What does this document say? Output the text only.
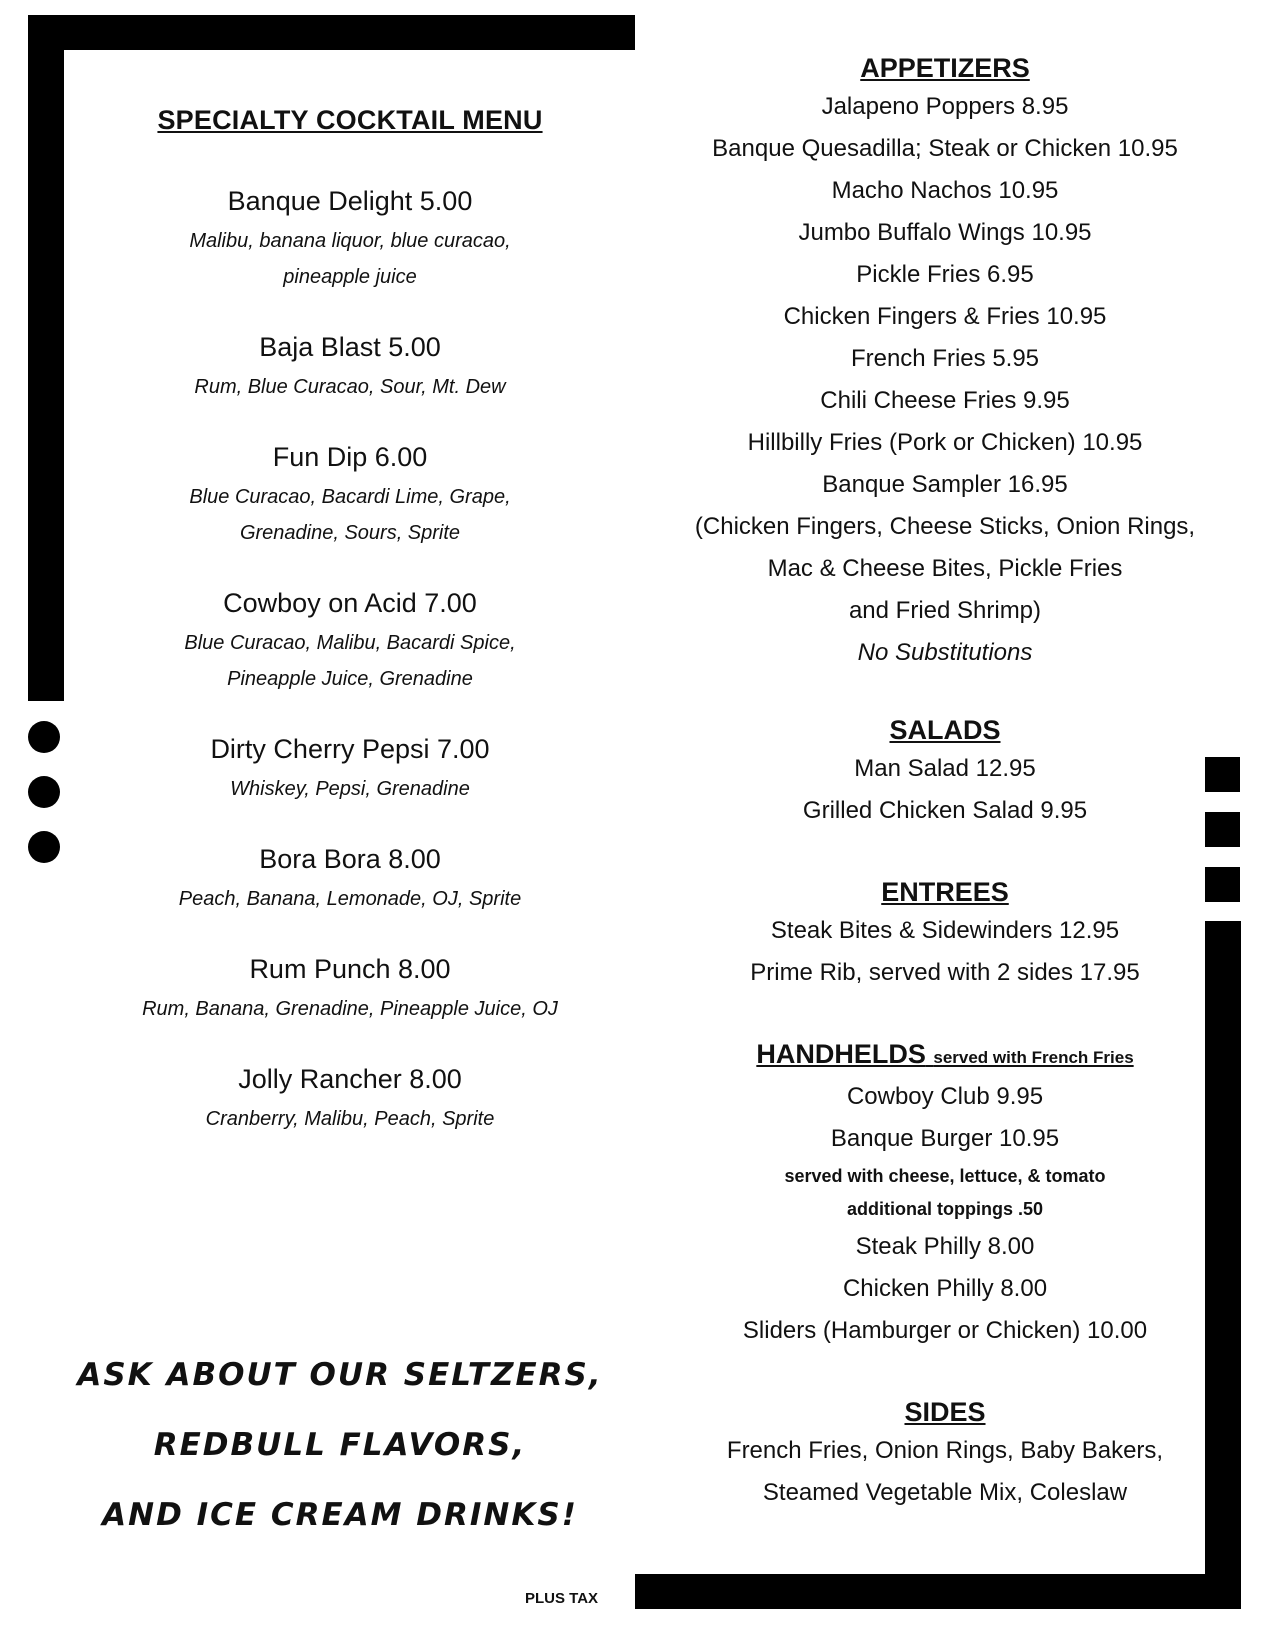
SPECIALTY COCKTAIL MENU
Banque Delight 5.00
Malibu, banana liquor, blue curacao,
pineapple juice
Baja Blast 5.00
Rum, Blue Curacao, Sour, Mt. Dew
Fun Dip 6.00
Blue Curacao, Bacardi Lime, Grape,
Grenadine, Sours, Sprite
Cowboy on Acid 7.00
Blue Curacao, Malibu, Bacardi Spice,
Pineapple Juice, Grenadine
Dirty Cherry Pepsi 7.00
Whiskey, Pepsi, Grenadine
Bora Bora 8.00
Peach, Banana, Lemonade, OJ, Sprite
Rum Punch 8.00
Rum, Banana, Grenadine, Pineapple Juice, OJ
Jolly Rancher 8.00
Cranberry, Malibu, Peach, Sprite
ASK ABOUT OUR SELTZERS,
REDBULL FLAVORS,
AND ICE CREAM DRINKS!
PLUS TAX
APPETIZERS
Jalapeno Poppers 8.95
Banque Quesadilla; Steak or Chicken 10.95
Macho Nachos 10.95
Jumbo Buffalo Wings 10.95
Pickle Fries 6.95
Chicken Fingers & Fries 10.95
French Fries 5.95
Chili Cheese Fries 9.95
Hillbilly Fries (Pork or Chicken) 10.95
Banque Sampler 16.95
(Chicken Fingers, Cheese Sticks, Onion Rings,
Mac & Cheese Bites, Pickle Fries
and Fried Shrimp)
No Substitutions
SALADS
Man Salad 12.95
Grilled Chicken Salad 9.95
ENTREES
Steak Bites & Sidewinders 12.95
Prime Rib, served with 2 sides 17.95
HANDHELDS served with French Fries
Cowboy Club 9.95
Banque Burger 10.95
served with cheese, lettuce, & tomato
additional toppings .50
Steak Philly 8.00
Chicken Philly 8.00
Sliders (Hamburger or Chicken) 10.00
SIDES
French Fries, Onion Rings, Baby Bakers,
Steamed Vegetable Mix, Coleslaw
